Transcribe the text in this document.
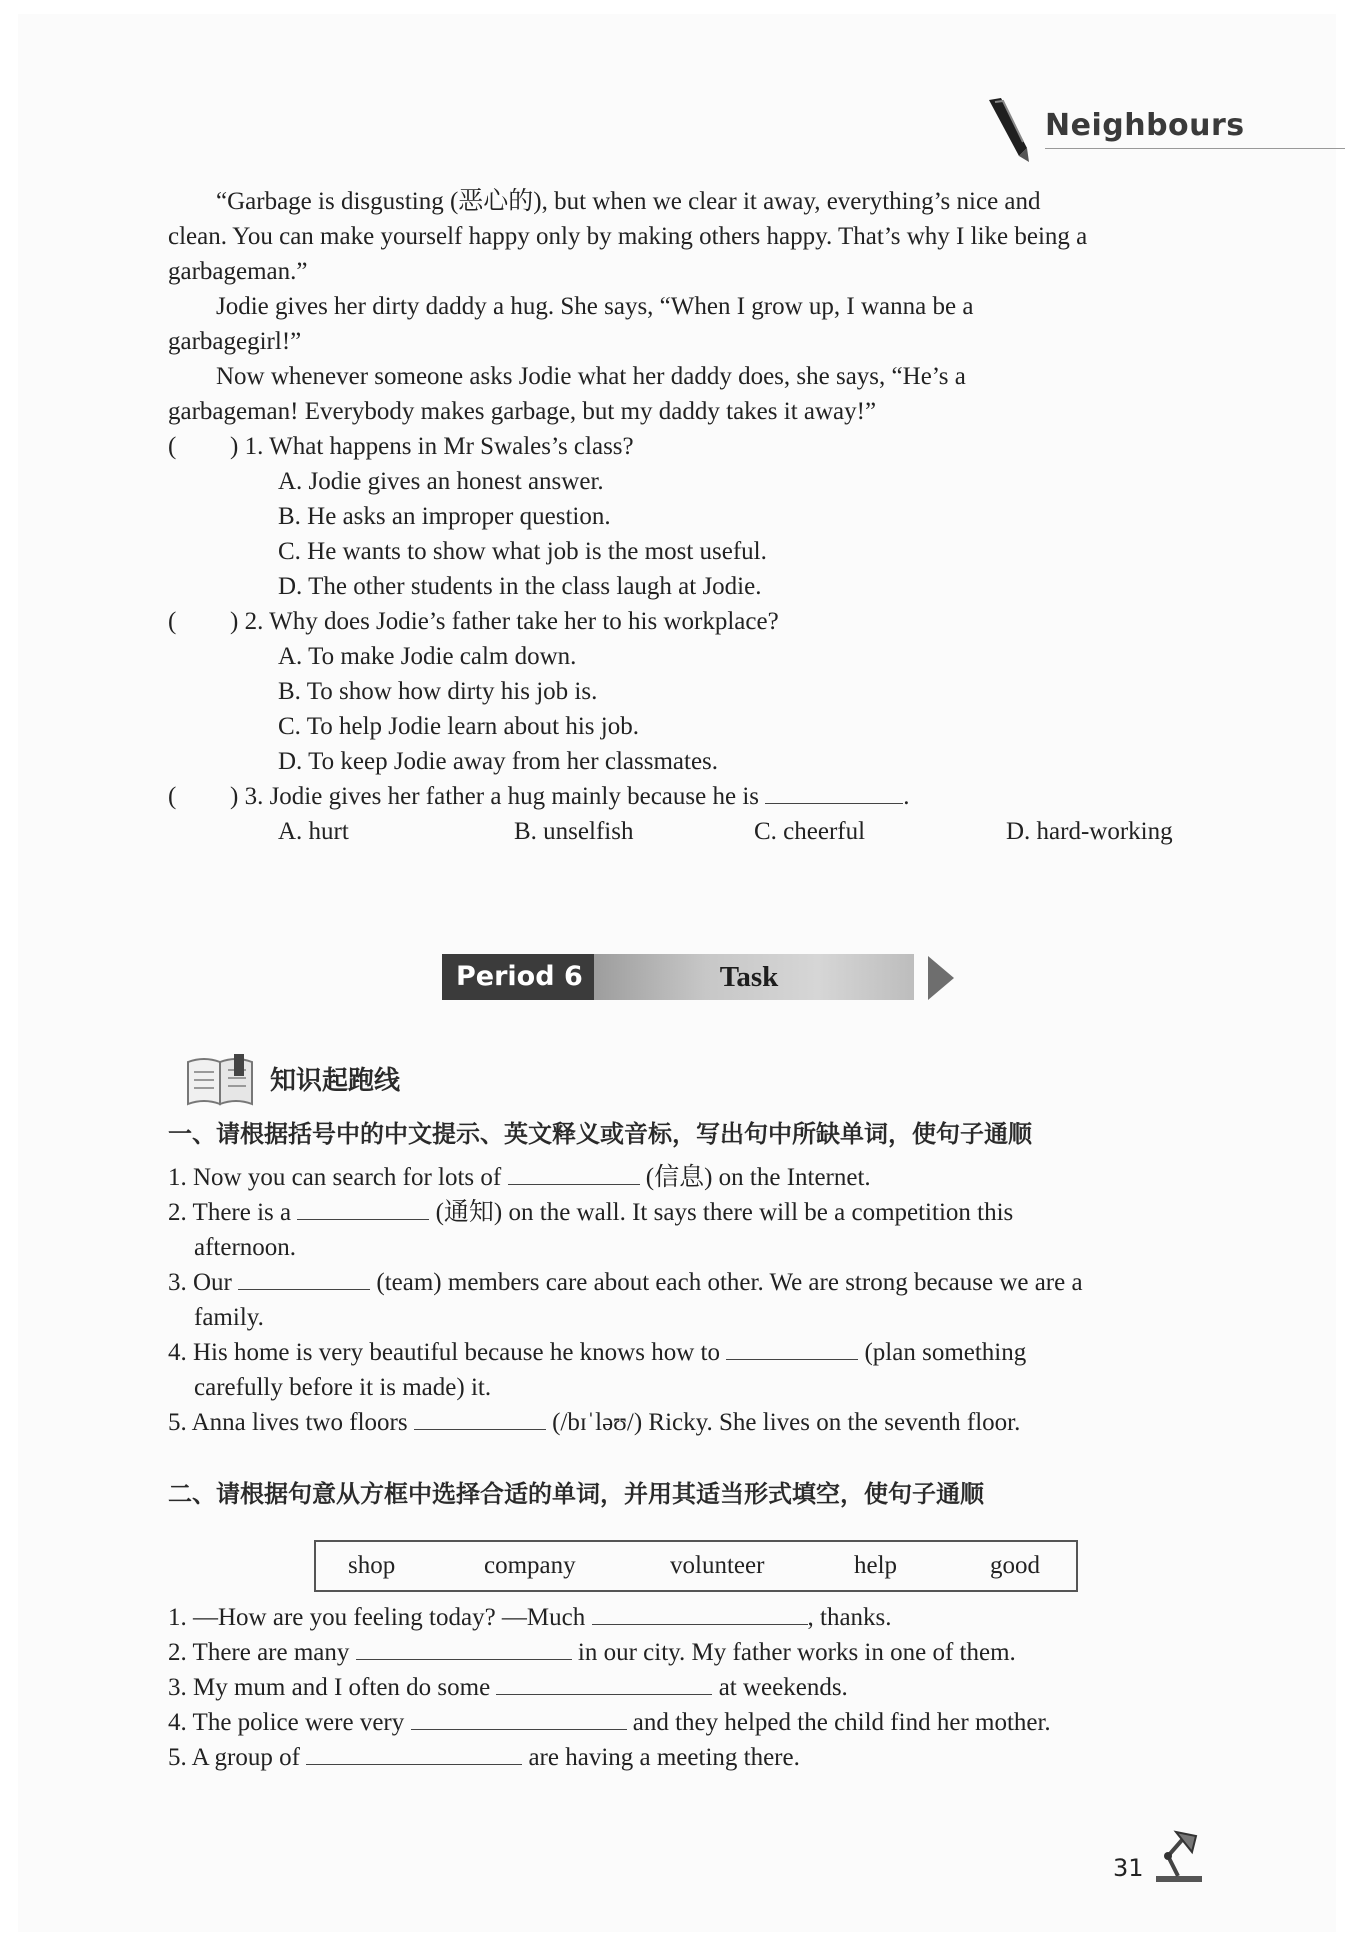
Neighbours

“Garbage is disgusting (恶心的), but when we clear it away, everything’s nice and

clean. You can make yourself happy only by making others happy. That’s why I like being a

garbageman.”

Jodie gives her dirty daddy a hug. She says, “When I grow up, I wanna be a

garbagegirl!”

Now whenever someone asks Jodie what her daddy does, she says, “He’s a

garbageman! Everybody makes garbage, but my daddy takes it away!”

( ) 1. What happens in Mr Swales’s class?
A. Jodie gives an honest answer.
B. He asks an improper question.
C. He wants to show what job is the most useful.
D. The other students in the class laugh at Jodie.
( ) 2. Why does Jodie’s father take her to his workplace?
A. To make Jodie calm down.
B. To show how dirty his job is.
C. To help Jodie learn about his job.
D. To keep Jodie away from her classmates.
( ) 3. Jodie gives her father a hug mainly because he is	.
A. hurt	B. unselfish	C. cheerful	D. hard-working
Period 6	Task
知识起跑线
一、请根据括号中的中文提示、英文释义或音标，写出句中所缺单词，使句子通顺
1. Now you can search for lots of	(信息) on the Internet.
2. There is a	(通知) on the wall. It says there will be a competition this
afternoon.
3. Our	(team) members care about each other. We are strong because we are a
family.
4. His home is very beautiful because he knows how to	(plan something
carefully before it is made) it.
5. Anna lives two floors	(/bɪˈləʊ/) Ricky. She lives on the seventh floor.
二、请根据句意从方框中选择合适的单词，并用其适当形式填空，使句子通顺
shop	company	volunteer	help	good
1. —How are you feeling today? —Much	, thanks.
2. There are many	in our city. My father works in one of them.
3. My mum and I often do some	at weekends.
4. The police were very	and they helped the child find her mother.
5. A group of	are having a meeting there.
31
